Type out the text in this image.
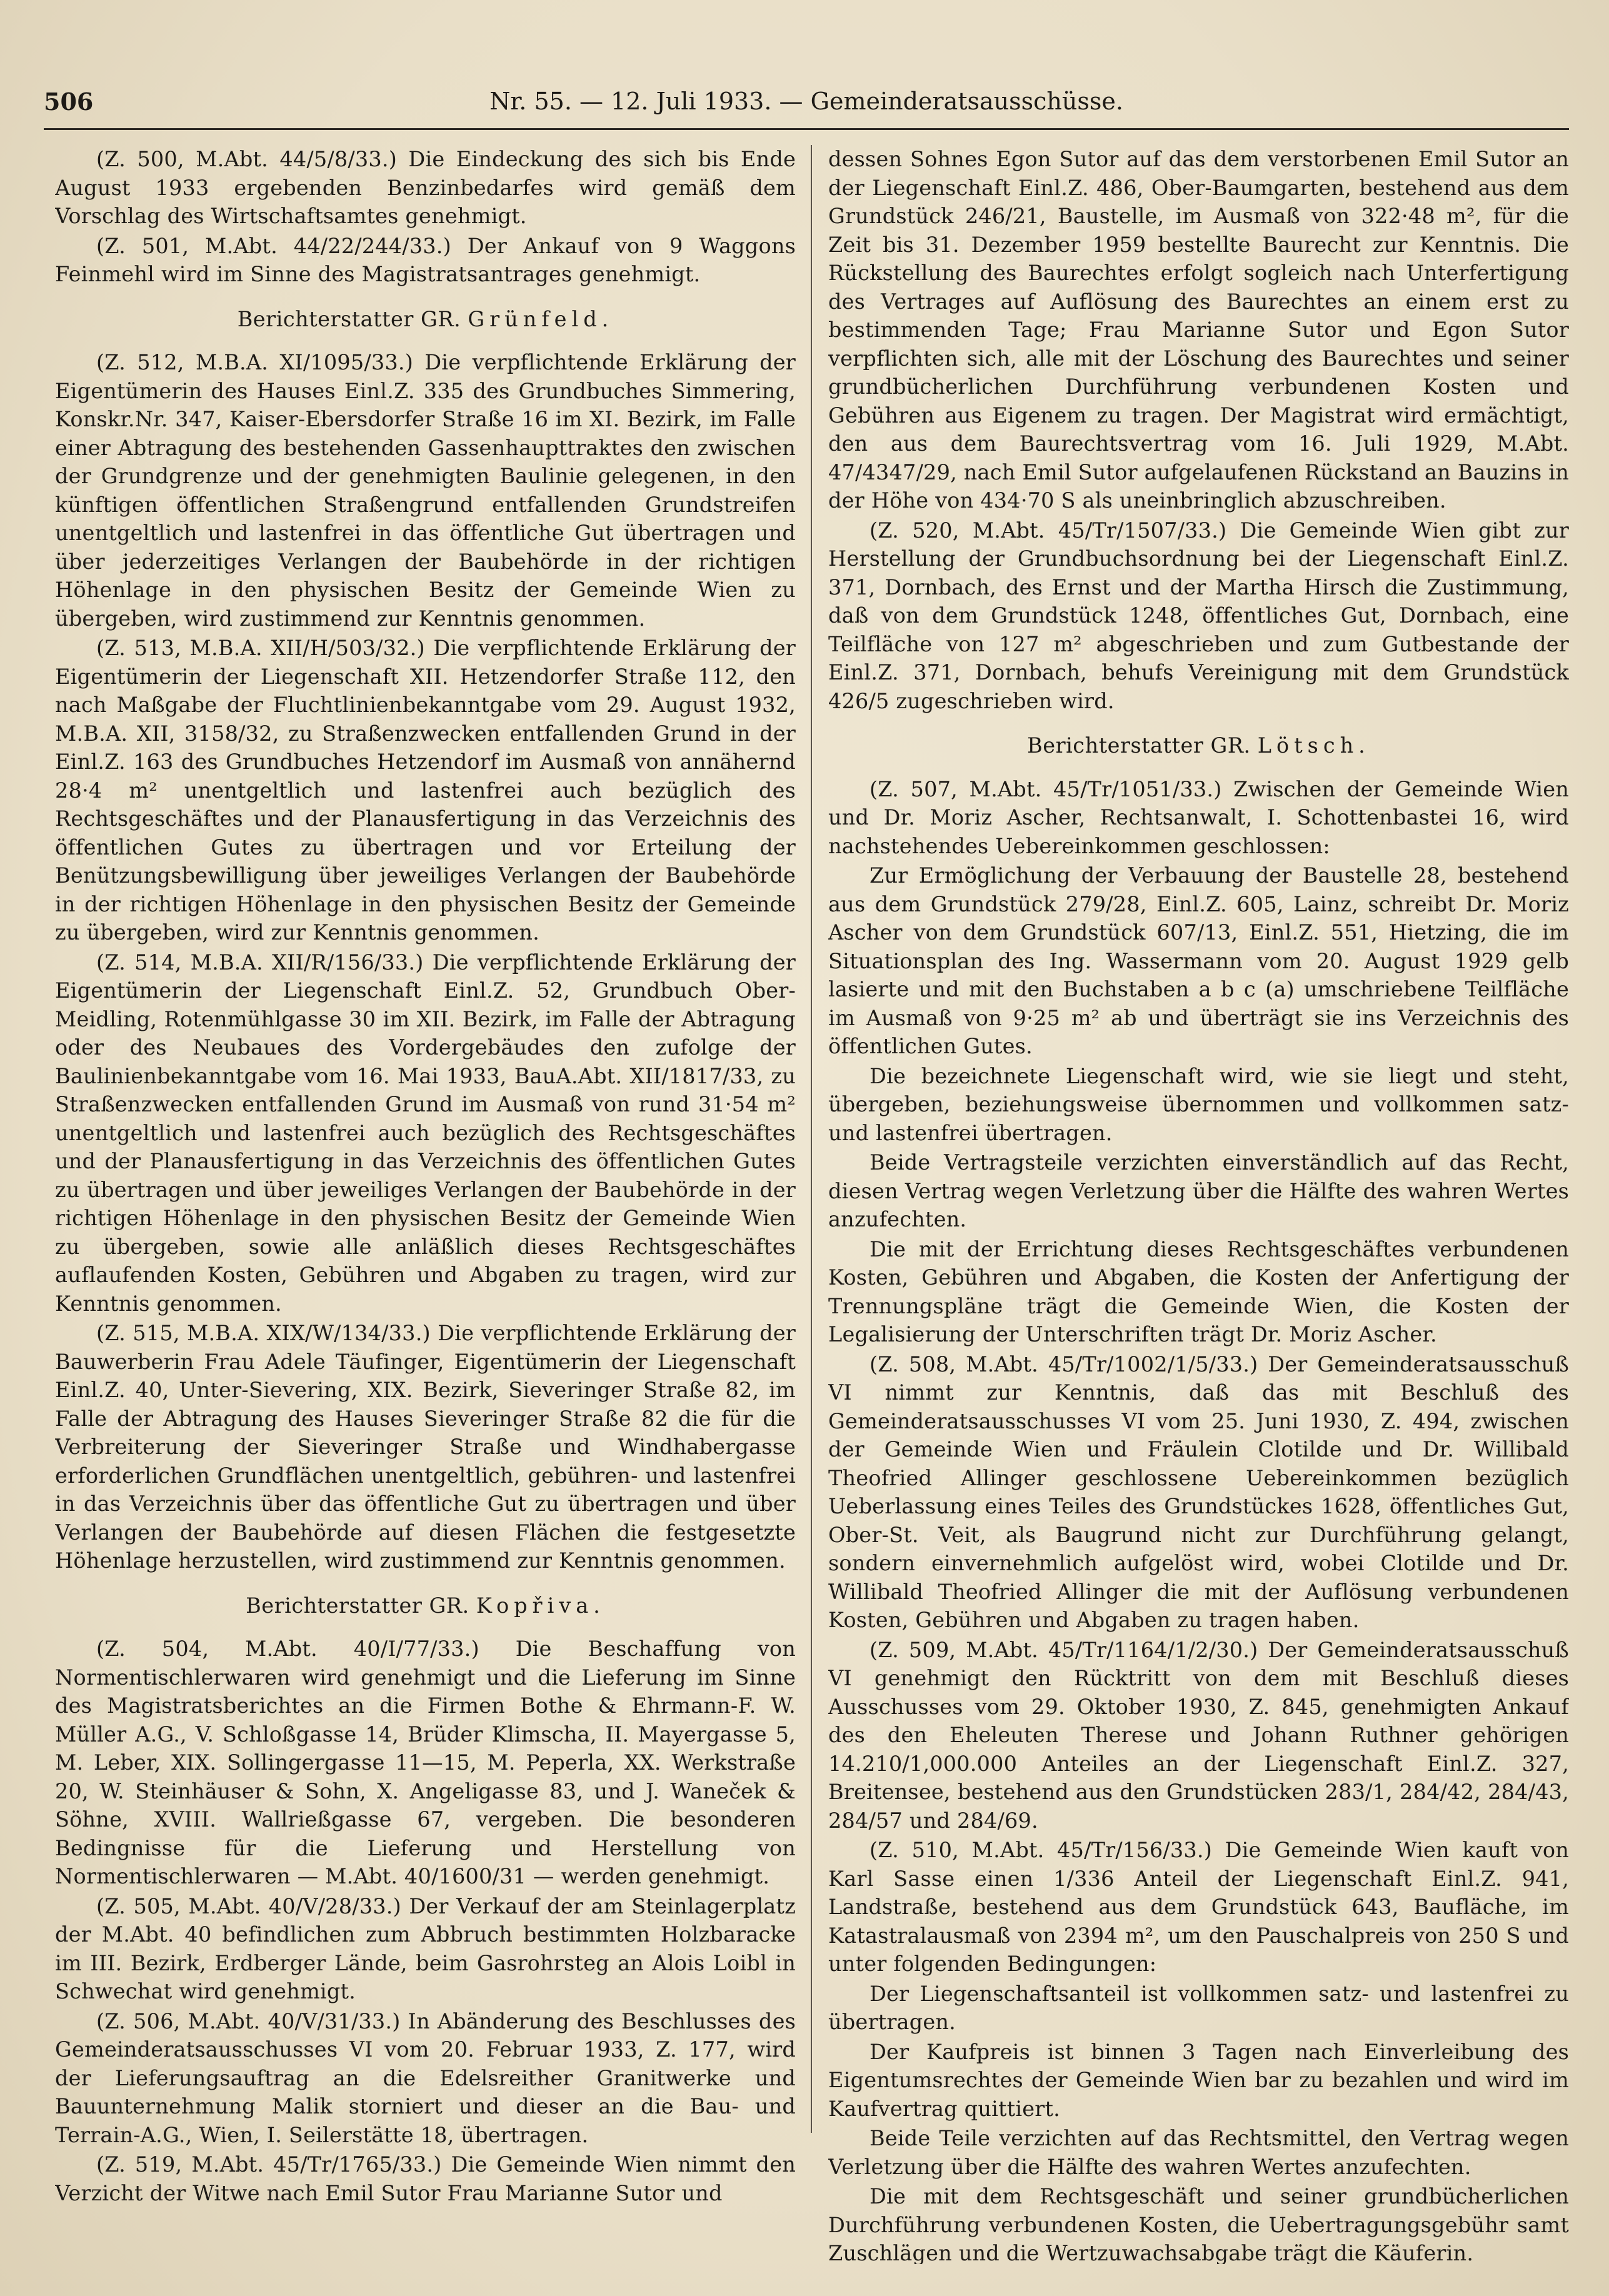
Nr. 55. — 12. Juli 1933. — Gemeinderatsausschüsse.
506

(Z. 500, M.Abt. 44/5/8/33.) Die Eindeckung des sich bis Ende August 1933 ergebenden Benzinbedarfes wird gemäß dem Vorschlag des Wirtschaftsamtes genehmigt.

(Z. 501, M.Abt. 44/22/244/33.) Der Ankauf von 9 Waggons Feinmehl wird im Sinne des Magistratsantrages genehmigt.

Berichterstatter GR. Grünfeld.

(Z. 512, M.B.A. XI/1095/33.) Die verpflichtende Erklärung der Eigentümerin des Hauses Einl.Z. 335 des Grundbuches Simmering, Konskr.Nr. 347, Kaiser-Ebersdorfer Straße 16 im XI. Bezirk, im Falle einer Abtragung des bestehenden Gassenhaupttraktes den zwischen der Grundgrenze und der genehmigten Baulinie gelegenen, in den künftigen öffentlichen Straßengrund entfallenden Grundstreifen unentgeltlich und lastenfrei in das öffentliche Gut übertragen und über jederzeitiges Verlangen der Baubehörde in der richtigen Höhenlage in den physischen Besitz der Gemeinde Wien zu übergeben, wird zustimmend zur Kenntnis genommen.

(Z. 513, M.B.A. XII/H/503/32.) Die verpflichtende Erklärung der Eigentümerin der Liegenschaft XII. Hetzendorfer Straße 112, den nach Maßgabe der Fluchtlinienbekanntgabe vom 29. August 1932, M.B.A. XII, 3158/32, zu Straßenzwecken entfallenden Grund in der Einl.Z. 163 des Grundbuches Hetzendorf im Ausmaß von annähernd 28·4 m² unentgeltlich und lastenfrei auch bezüglich des Rechtsgeschäftes und der Planausfertigung in das Verzeichnis des öffentlichen Gutes zu übertragen und vor Erteilung der Benützungsbewilligung über jeweiliges Verlangen der Baubehörde in der richtigen Höhenlage in den physischen Besitz der Gemeinde zu übergeben, wird zur Kenntnis genommen.

(Z. 514, M.B.A. XII/R/156/33.) Die verpflichtende Erklärung der Eigentümerin der Liegenschaft Einl.Z. 52, Grundbuch Ober-Meidling, Rotenmühlgasse 30 im XII. Bezirk, im Falle der Abtragung oder des Neubaues des Vordergebäudes den zufolge der Baulinienbekanntgabe vom 16. Mai 1933, BauA.Abt. XII/1817/33, zu Straßenzwecken entfallenden Grund im Ausmaß von rund 31·54 m² unentgeltlich und lastenfrei auch bezüglich des Rechtsgeschäftes und der Planausfertigung in das Verzeichnis des öffentlichen Gutes zu übertragen und über jeweiliges Verlangen der Baubehörde in der richtigen Höhenlage in den physischen Besitz der Gemeinde Wien zu übergeben, sowie alle anläßlich dieses Rechtsgeschäftes auflaufenden Kosten, Gebühren und Abgaben zu tragen, wird zur Kenntnis genommen.

(Z. 515, M.B.A. XIX/W/134/33.) Die verpflichtende Erklärung der Bauwerberin Frau Adele Täufinger, Eigentümerin der Liegenschaft Einl.Z. 40, Unter-Sievering, XIX. Bezirk, Sieveringer Straße 82, im Falle der Abtragung des Hauses Sieveringer Straße 82 die für die Verbreiterung der Sieveringer Straße und Windhabergasse erforderlichen Grundflächen unentgeltlich, gebühren- und lastenfrei in das Verzeichnis über das öffentliche Gut zu übertragen und über Verlangen der Baubehörde auf diesen Flächen die festgesetzte Höhenlage herzustellen, wird zustimmend zur Kenntnis genommen.

Berichterstatter GR. Kopřiva.

(Z. 504, M.Abt. 40/I/77/33.) Die Beschaffung von Normentischlerwaren wird genehmigt und die Lieferung im Sinne des Magistratsberichtes an die Firmen Bothe & Ehrmann-F. W. Müller A.G., V. Schloßgasse 14, Brüder Klimscha, II. Mayergasse 5, M. Leber, XIX. Sollingergasse 11—15, M. Peperla, XX. Werkstraße 20, W. Steinhäuser & Sohn, X. Angeligasse 83, und J. Waneček & Söhne, XVIII. Wallrießgasse 67, vergeben. Die besonderen Bedingnisse für die Lieferung und Herstellung von Normentischlerwaren — M.Abt. 40/1600/31 — werden genehmigt.

(Z. 505, M.Abt. 40/V/28/33.) Der Verkauf der am Steinlagerplatz der M.Abt. 40 befindlichen zum Abbruch bestimmten Holzbaracke im III. Bezirk, Erdberger Lände, beim Gasrohrsteg an Alois Loibl in Schwechat wird genehmigt.

(Z. 506, M.Abt. 40/V/31/33.) In Abänderung des Beschlusses des Gemeinderatsausschusses VI vom 20. Februar 1933, Z. 177, wird der Lieferungsauftrag an die Edelsreither Granitwerke und Bauunternehmung Malik storniert und dieser an die Bau- und Terrain-A.G., Wien, I. Seilerstätte 18, übertragen.

(Z. 519, M.Abt. 45/Tr/1765/33.) Die Gemeinde Wien nimmt den Verzicht der Witwe nach Emil Sutor Frau Marianne Sutor und

dessen Sohnes Egon Sutor auf das dem verstorbenen Emil Sutor an der Liegenschaft Einl.Z. 486, Ober-Baumgarten, bestehend aus dem Grundstück 246/21, Baustelle, im Ausmaß von 322·48 m², für die Zeit bis 31. Dezember 1959 bestellte Baurecht zur Kenntnis. Die Rückstellung des Baurechtes erfolgt sogleich nach Unterfertigung des Vertrages auf Auflösung des Baurechtes an einem erst zu bestimmenden Tage; Frau Marianne Sutor und Egon Sutor verpflichten sich, alle mit der Löschung des Baurechtes und seiner grundbücherlichen Durchführung verbundenen Kosten und Gebühren aus Eigenem zu tragen. Der Magistrat wird ermächtigt, den aus dem Baurechtsvertrag vom 16. Juli 1929, M.Abt. 47/4347/29, nach Emil Sutor aufgelaufenen Rückstand an Bauzins in der Höhe von 434·70 S als uneinbringlich abzuschreiben.

(Z. 520, M.Abt. 45/Tr/1507/33.) Die Gemeinde Wien gibt zur Herstellung der Grundbuchsordnung bei der Liegenschaft Einl.Z. 371, Dornbach, des Ernst und der Martha Hirsch die Zustimmung, daß von dem Grundstück 1248, öffentliches Gut, Dornbach, eine Teilfläche von 127 m² abgeschrieben und zum Gutbestande der Einl.Z. 371, Dornbach, behufs Vereinigung mit dem Grundstück 426/5 zugeschrieben wird.

Berichterstatter GR. Lötsch.

(Z. 507, M.Abt. 45/Tr/1051/33.) Zwischen der Gemeinde Wien und Dr. Moriz Ascher, Rechtsanwalt, I. Schottenbastei 16, wird nachstehendes Uebereinkommen geschlossen:

Zur Ermöglichung der Verbauung der Baustelle 28, bestehend aus dem Grundstück 279/28, Einl.Z. 605, Lainz, schreibt Dr. Moriz Ascher von dem Grundstück 607/13, Einl.Z. 551, Hietzing, die im Situationsplan des Ing. Wassermann vom 20. August 1929 gelb lasierte und mit den Buchstaben a b c (a) umschriebene Teilfläche im Ausmaß von 9·25 m² ab und überträgt sie ins Verzeichnis des öffentlichen Gutes.

Die bezeichnete Liegenschaft wird, wie sie liegt und steht, übergeben, beziehungsweise übernommen und vollkommen satz- und lastenfrei übertragen.

Beide Vertragsteile verzichten einverständlich auf das Recht, diesen Vertrag wegen Verletzung über die Hälfte des wahren Wertes anzufechten.

Die mit der Errichtung dieses Rechtsgeschäftes verbundenen Kosten, Gebühren und Abgaben, die Kosten der Anfertigung der Trennungspläne trägt die Gemeinde Wien, die Kosten der Legalisierung der Unterschriften trägt Dr. Moriz Ascher.

(Z. 508, M.Abt. 45/Tr/1002/1/5/33.) Der Gemeinderatsausschuß VI nimmt zur Kenntnis, daß das mit Beschluß des Gemeinderatsausschusses VI vom 25. Juni 1930, Z. 494, zwischen der Gemeinde Wien und Fräulein Clotilde und Dr. Willibald Theofried Allinger geschlossene Uebereinkommen bezüglich Ueberlassung eines Teiles des Grundstückes 1628, öffentliches Gut, Ober-St. Veit, als Baugrund nicht zur Durchführung gelangt, sondern einvernehmlich aufgelöst wird, wobei Clotilde und Dr. Willibald Theofried Allinger die mit der Auflösung verbundenen Kosten, Gebühren und Abgaben zu tragen haben.

(Z. 509, M.Abt. 45/Tr/1164/1/2/30.) Der Gemeinderatsausschuß VI genehmigt den Rücktritt von dem mit Beschluß dieses Ausschusses vom 29. Oktober 1930, Z. 845, genehmigten Ankauf des den Eheleuten Therese und Johann Ruthner gehörigen 14.210/1,000.000 Anteiles an der Liegenschaft Einl.Z. 327, Breitensee, bestehend aus den Grundstücken 283/1, 284/42, 284/43, 284/57 und 284/69.

(Z. 510, M.Abt. 45/Tr/156/33.) Die Gemeinde Wien kauft von Karl Sasse einen 1/336 Anteil der Liegenschaft Einl.Z. 941, Landstraße, bestehend aus dem Grundstück 643, Baufläche, im Katastralausmaß von 2394 m², um den Pauschalpreis von 250 S und unter folgenden Bedingungen:

Der Liegenschaftsanteil ist vollkommen satz- und lastenfrei zu übertragen.

Der Kaufpreis ist binnen 3 Tagen nach Einverleibung des Eigentumsrechtes der Gemeinde Wien bar zu bezahlen und wird im Kaufvertrag quittiert.

Beide Teile verzichten auf das Rechtsmittel, den Vertrag wegen Verletzung über die Hälfte des wahren Wertes anzufechten.

Die mit dem Rechtsgeschäft und seiner grundbücherlichen Durchführung verbundenen Kosten, die Uebertragungsgebühr samt Zuschlägen und die Wertzuwachsabgabe trägt die Käuferin.
